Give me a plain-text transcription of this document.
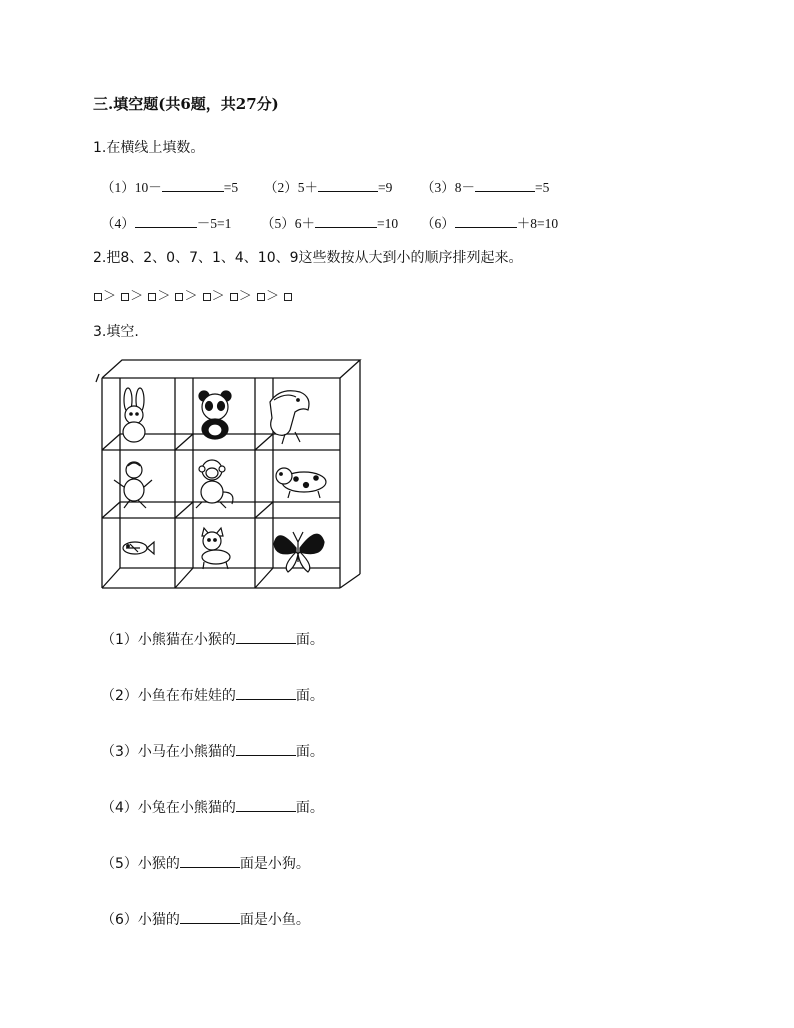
三.填空题(共6题，共27分)
1.在横线上填数。
（1）10－	=5 （2）5＋	=9 （3）8－	=5
（4）	－5=1 （5）6＋	=10 （6）	＋8=10
2.把8、2、0、7、1、4、10、9这些数按从大到小的顺序排列起来。
＞ ＞ ＞ ＞ ＞ ＞ ＞
3.填空.
（1）小熊猫在小猴的	面。
（2）小鱼在布娃娃的	面。
（3）小马在小熊猫的	面。
（4）小兔在小熊猫的	面。
（5）小猴的	面是小狗。
（6）小猫的	面是小鱼。
